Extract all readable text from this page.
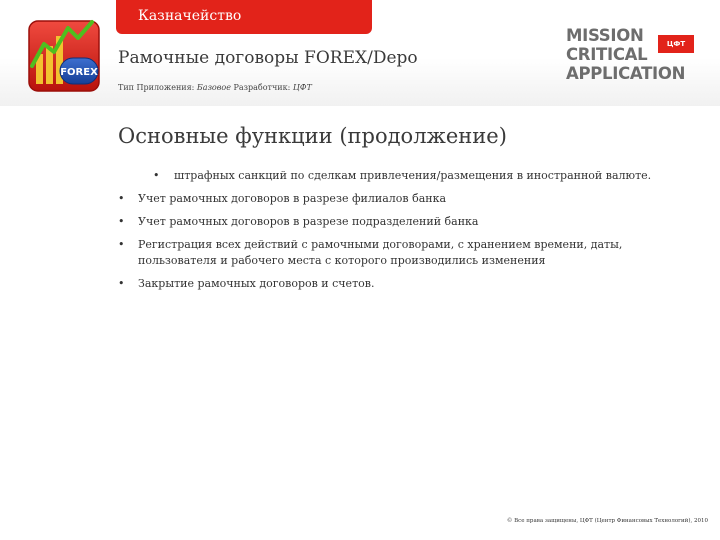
Казначейство
FOREX
Рамочные договоры FOREX/Depo
Тип Приложения: Базовое Разработчик: ЦФТ
MISSION
CRITICAL
APPLICATION
ЦФТ
Основные функции (продолжение)
• штрафных санкций по сделкам привлечения/размещения в иностранной валюте.
• Учет рамочных договоров в разрезе филиалов банка
• Учет рамочных договоров в разрезе подразделений банка
• Регистрация всех действий с рамочными договорами, с хранением времени, даты, пользователя и рабочего места с которого производились изменения
• Закрытие рамочных договоров и счетов.
© Все права защищены, ЦФТ (Центр Финансовых Технологий), 2010
